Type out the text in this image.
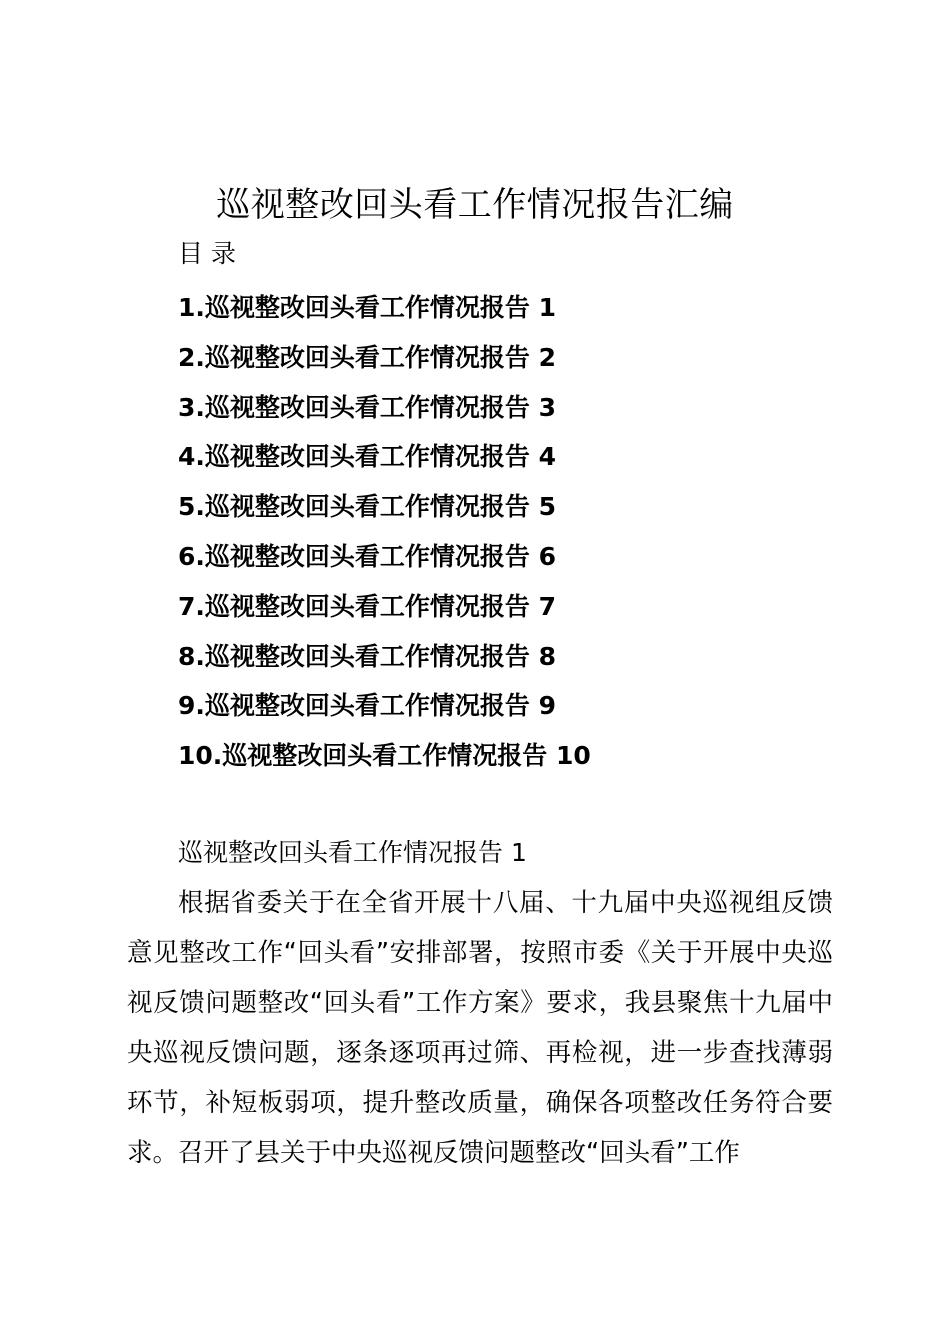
巡视整改回头看工作情况报告汇编

目 录

1.巡视整改回头看工作情况报告 1
2.巡视整改回头看工作情况报告 2
3.巡视整改回头看工作情况报告 3
4.巡视整改回头看工作情况报告 4
5.巡视整改回头看工作情况报告 5
6.巡视整改回头看工作情况报告 6
7.巡视整改回头看工作情况报告 7
8.巡视整改回头看工作情况报告 8
9.巡视整改回头看工作情况报告 9
10.巡视整改回头看工作情况报告 10

巡视整改回头看工作情况报告 1

根据省委关于在全省开展十八届、十九届中央巡视组反馈意见整改工作“回头看”安排部署，按照市委《关于开展中央巡视反馈问题整改“回头看”工作方案》要求，我县聚焦十九届中央巡视反馈问题，逐条逐项再过筛、再检视，进一步查找薄弱环节，补短板弱项，提升整改质量，确保各项整改任务符合要求。召开了县关于中央巡视反馈问题整改“回头看”工作
